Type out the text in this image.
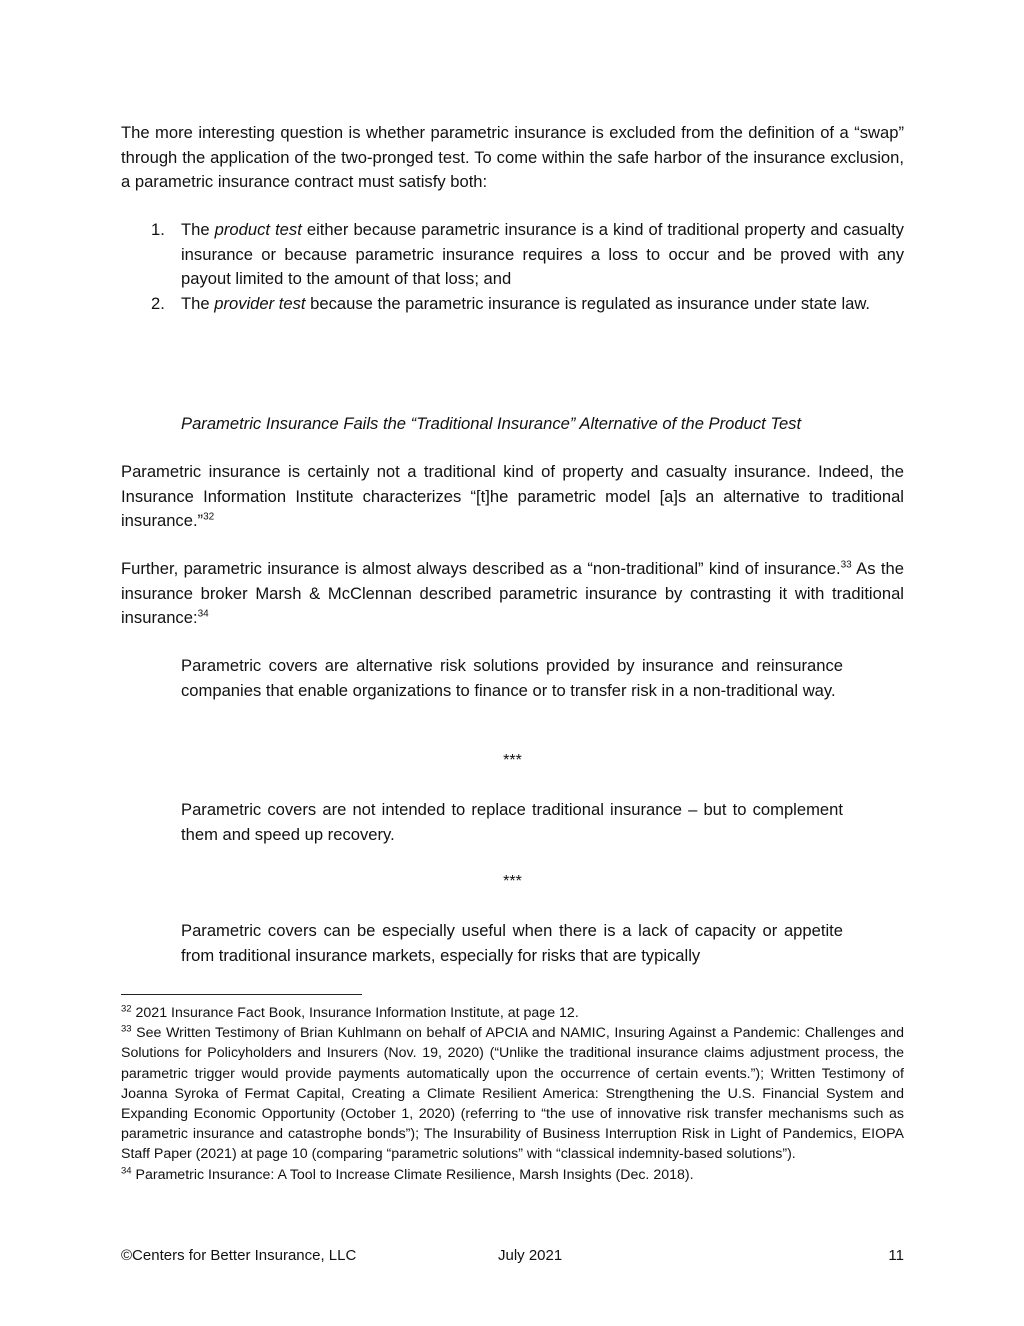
The more interesting question is whether parametric insurance is excluded from the definition of a “swap” through the application of the two-pronged test. To come within the safe harbor of the insurance exclusion, a parametric insurance contract must satisfy both:
1. The product test either because parametric insurance is a kind of traditional property and casualty insurance or because parametric insurance requires a loss to occur and be proved with any payout limited to the amount of that loss; and
2. The provider test because the parametric insurance is regulated as insurance under state law.
Parametric Insurance Fails the “Traditional Insurance” Alternative of the Product Test
Parametric insurance is certainly not a traditional kind of property and casualty insurance. Indeed, the Insurance Information Institute characterizes “[t]he parametric model [a]s an alternative to traditional insurance.”$^{32}$
Further, parametric insurance is almost always described as a “non-traditional” kind of insurance.$^{33}$ As the insurance broker Marsh & McClennan described parametric insurance by contrasting it with traditional insurance:$^{34}$
Parametric covers are alternative risk solutions provided by insurance and reinsurance companies that enable organizations to finance or to transfer risk in a non-traditional way.
***
Parametric covers are not intended to replace traditional insurance – but to complement them and speed up recovery.
***
Parametric covers can be especially useful when there is a lack of capacity or appetite from traditional insurance markets, especially for risks that are typically

$^{32}$ 2021 Insurance Fact Book, Insurance Information Institute, at page 12.

$^{33}$ See Written Testimony of Brian Kuhlmann on behalf of APCIA and NAMIC, Insuring Against a Pandemic: Challenges and Solutions for Policyholders and Insurers (Nov. 19, 2020) (“Unlike the traditional insurance claims adjustment process, the parametric trigger would provide payments automatically upon the occurrence of certain events.”); Written Testimony of Joanna Syroka of Fermat Capital, Creating a Climate Resilient America: Strengthening the U.S. Financial System and Expanding Economic Opportunity (October 1, 2020) (referring to “the use of innovative risk transfer mechanisms such as parametric insurance and catastrophe bonds”); The Insurability of Business Interruption Risk in Light of Pandemics, EIOPA Staff Paper (2021) at page 10 (comparing “parametric solutions” with “classical indemnity-based solutions”).

$^{34}$ Parametric Insurance: A Tool to Increase Climate Resilience, Marsh Insights (Dec. 2018).

©Centers for Better Insurance, LLC	July 2021	11
